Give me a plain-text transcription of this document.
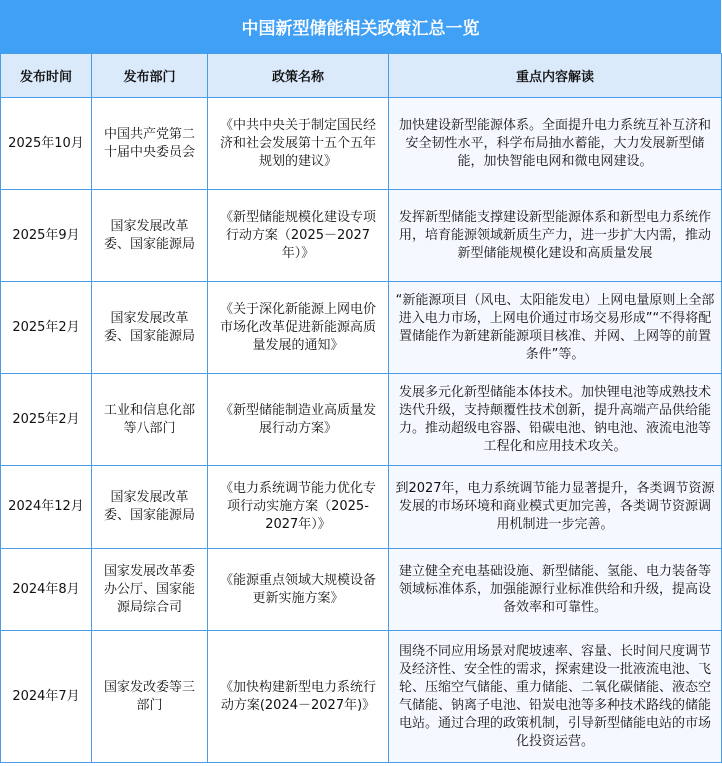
中国新型储能相关政策汇总一览
发布时间	发布部门	政策名称	重点内容解读
2025年10月	中国共产党第二十届中央委员会	《中共中央关于制定国民经济和社会发展第十五个五年规划的建议》	加快建设新型能源体系。全面提升电力系统互补互济和安全韧性水平，科学布局抽水蓄能，大力发展新型储能，加快智能电网和微电网建设。
2025年9月	国家发展改革委、国家能源局	《新型储能规模化建设专项行动方案（2025－2027年）》	发挥新型储能支撑建设新型能源体系和新型电力系统作用，培育能源领域新质生产力，进一步扩大内需，推动新型储能规模化建设和高质量发展
2025年2月	国家发展改革委、国家能源局	《关于深化新能源上网电价市场化改革促进新能源高质量发展的通知》	“新能源项目（风电、太阳能发电）上网电量原则上全部进入电力市场，上网电价通过市场交易形成”“不得将配置储能作为新建新能源项目核准、并网、上网等的前置条件”等。
2025年2月	工业和信息化部等八部门	《新型储能制造业高质量发展行动方案》	发展多元化新型储能本体技术。加快锂电池等成熟技术迭代升级，支持颠覆性技术创新，提升高端产品供给能力。推动超级电容器、铅碳电池、钠电池、液流电池等工程化和应用技术攻关。
2024年12月	国家发展改革委、国家能源局	《电力系统调节能力优化专项行动实施方案（2025-2027年）》	到2027年，电力系统调节能力显著提升，各类调节资源发展的市场环境和商业模式更加完善，各类调节资源调用机制进一步完善。
2024年8月	国家发展改革委办公厅、国家能源局综合司	《能源重点领域大规模设备更新实施方案》	建立健全充电基础设施、新型储能、氢能、电力装备等领域标准体系，加强能源行业标准供给和升级，提高设备效率和可靠性。
2024年7月	国家发改委等三部门	《加快构建新型电力系统行动方案(2024－2027年)》	围绕不同应用场景对爬坡速率、容量、长时间尺度调节及经济性、安全性的需求，探索建设一批液流电池、飞轮、压缩空气储能、重力储能、二氧化碳储能、液态空气储能、钠离子电池、铅炭电池等多种技术路线的储能电站。通过合理的政策机制，引导新型储能电站的市场化投资运营。
